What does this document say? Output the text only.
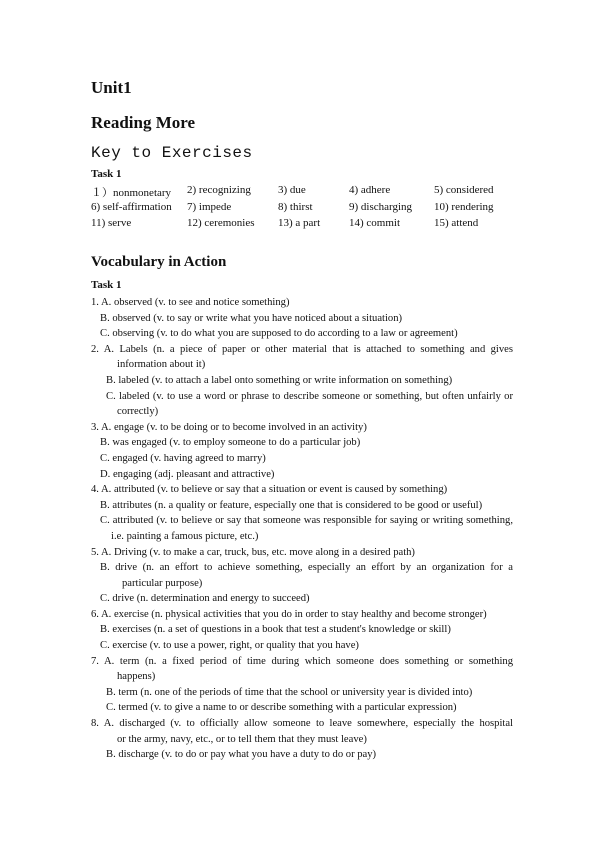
Unit1
Reading More
Key to Exercises
Task 1
１）nonmonetary 2) recognizing 3) due	4) adhere	5) considered
6) self-affirmation 7) impede	8) thirst	9) discharging 10) rendering
11) serve	12) ceremonies 13) a part	14) commit	15) attend
Vocabulary in Action
Task 1

1. A. observed (v. to see and notice something)

B. observed (v. to say or write what you have noticed about a situation)

C. observing (v. to do what you are supposed to do according to a law or agreement)

2. A. Labels (n. a piece of paper or other material that is attached to something and gives

information about it)

B. labeled (v. to attach a label onto something or write information on something)

C. labeled (v. to use a word or phrase to describe someone or something, but often unfairly or

correctly)

3. A. engage (v. to be doing or to become involved in an activity)

B. was engaged (v. to employ someone to do a particular job)

C. engaged (v. having agreed to marry)

D. engaging (adj. pleasant and attractive)

4. A. attributed (v. to believe or say that a situation or event is caused by something)

B. attributes (n. a quality or feature, especially one that is considered to be good or useful)

C. attributed (v. to believe or say that someone was responsible for saying or writing something,

i.e. painting a famous picture, etc.)

5. A. Driving (v. to make a car, truck, bus, etc. move along in a desired path)

B. drive (n. an effort to achieve something, especially an effort by an organization for a

particular purpose)

C. drive (n. determination and energy to succeed)

6. A. exercise (n. physical activities that you do in order to stay healthy and become stronger)

B. exercises (n. a set of questions in a book that test a student's knowledge or skill)

C. exercise (v. to use a power, right, or quality that you have)

7. A. term (n. a fixed period of time during which someone does something or something

happens)

B. term (n. one of the periods of time that the school or university year is divided into)

C. termed (v. to give a name to or describe something with a particular expression)

8. A. discharged (v. to officially allow someone to leave somewhere, especially the hospital

or the army, navy, etc., or to tell them that they must leave)

B. discharge (v. to do or pay what you have a duty to do or pay)
